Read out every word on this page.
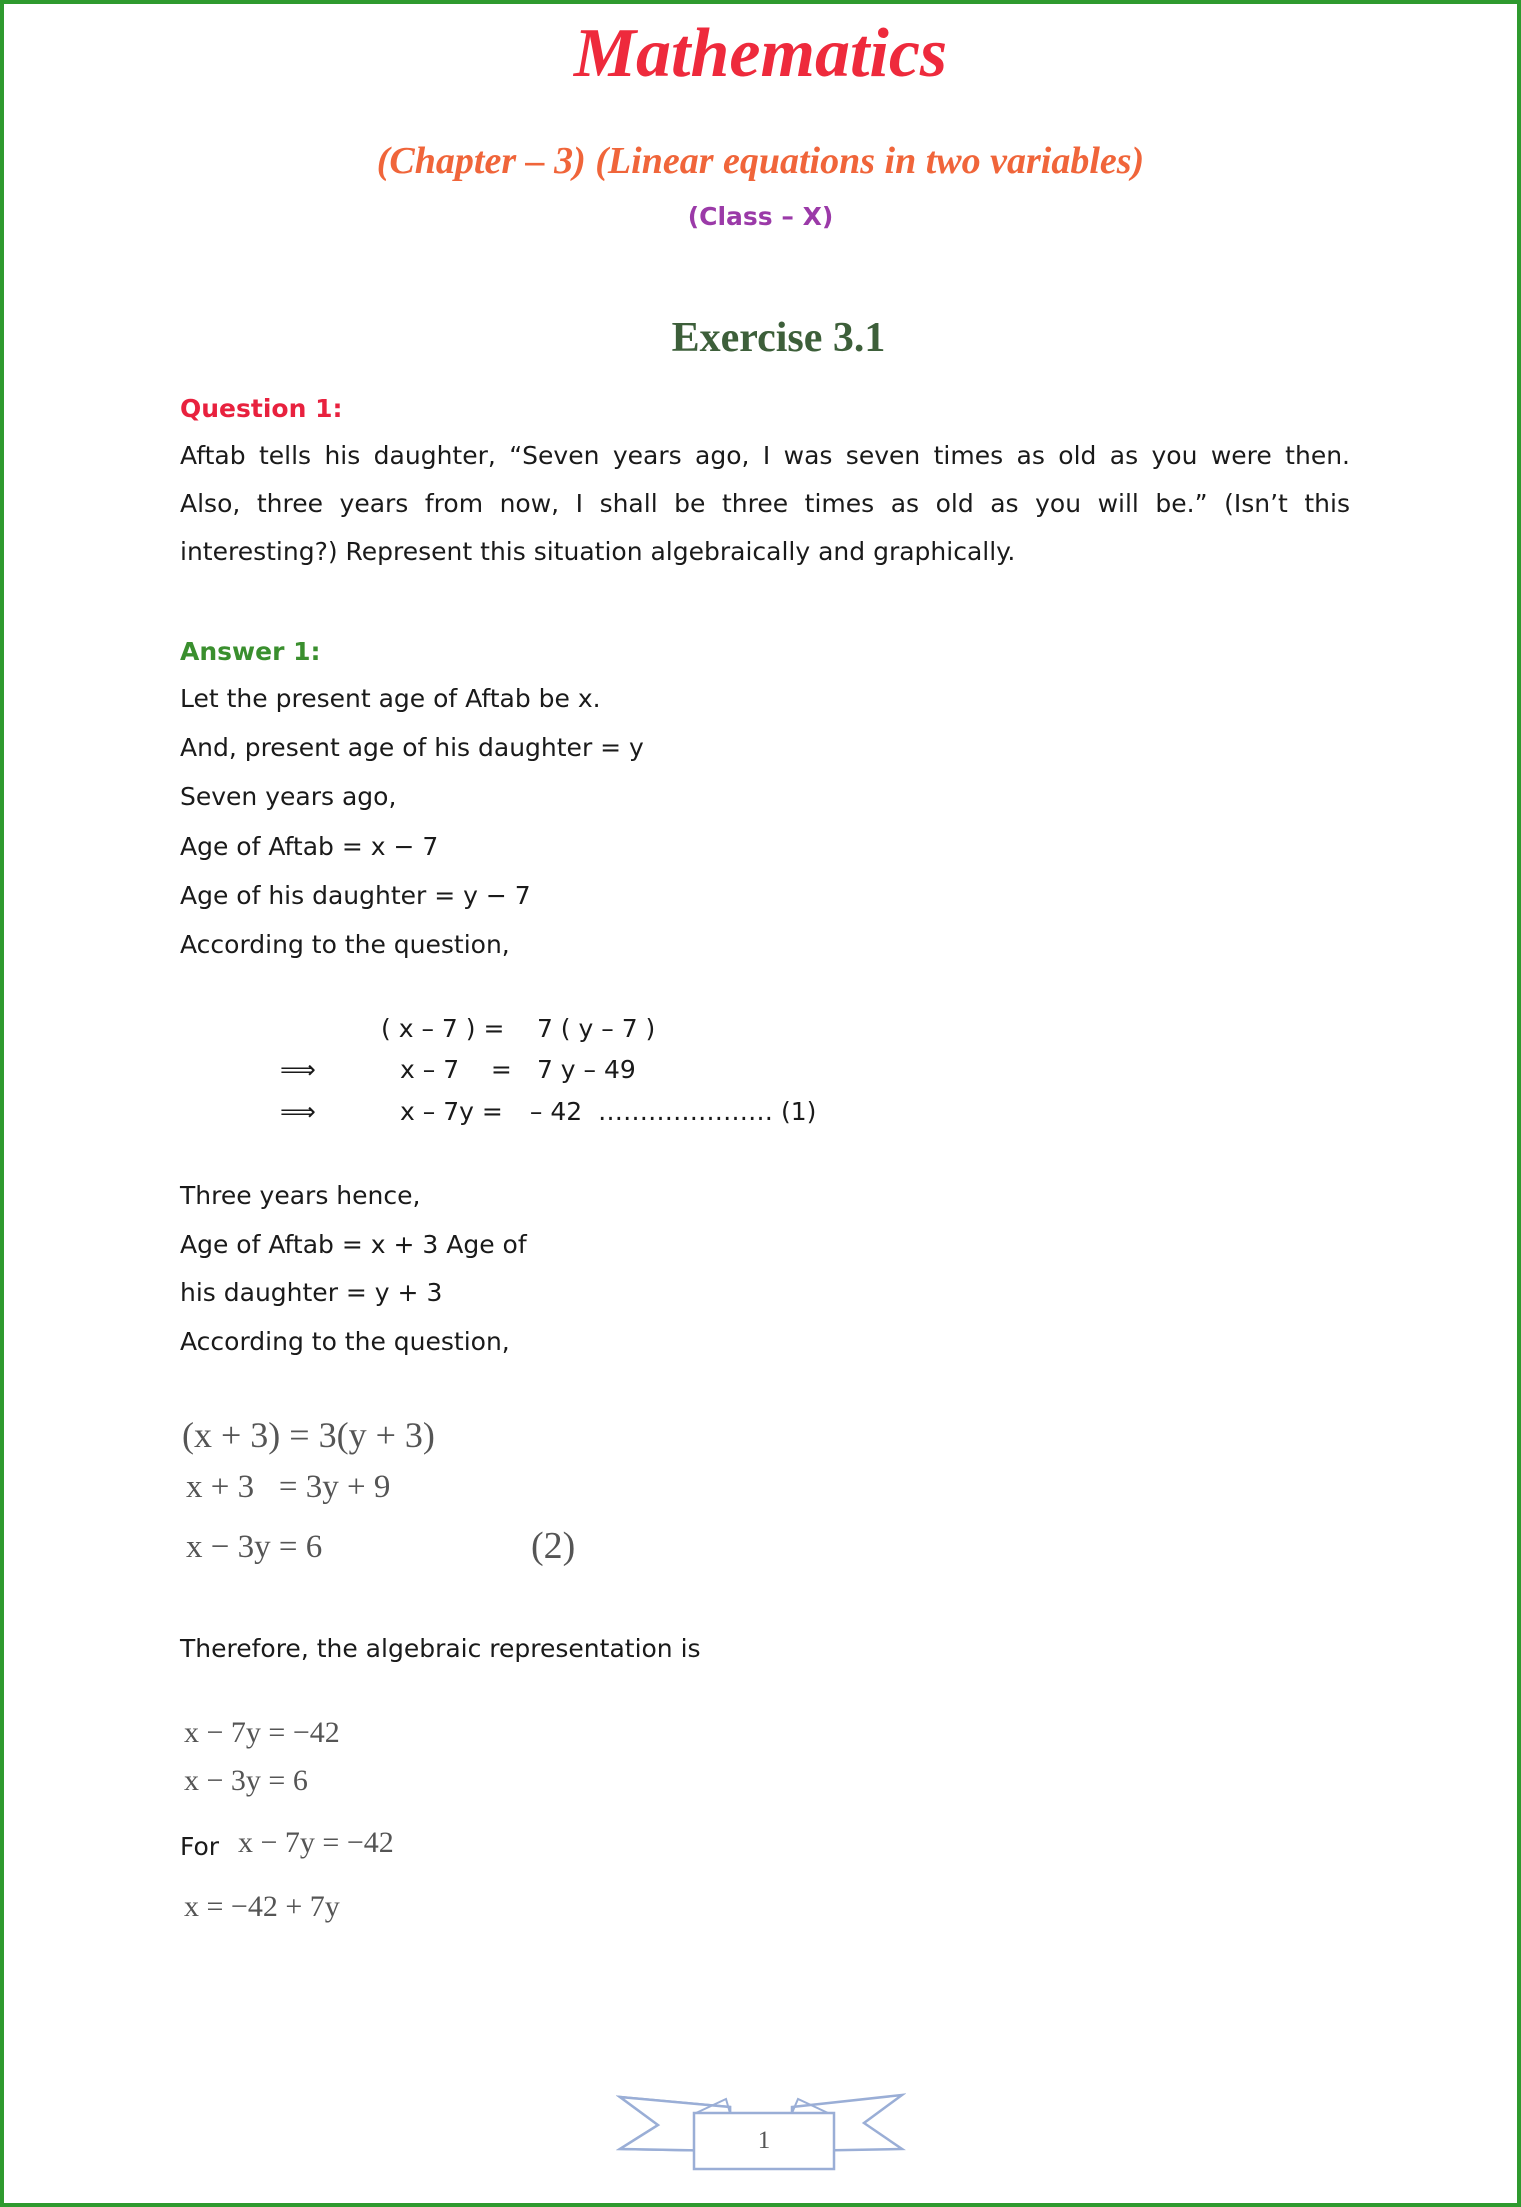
Mathematics
(Chapter – 3) (Linear equations in two variables)
(Class – X)
Exercise 3.1
Question 1:
Aftab tells his daughter, “Seven years ago, I was seven times as old as you were then.
Also, three years from now, I shall be three times as old as you will be.” (Isn’t this
interesting?) Represent this situation algebraically and graphically.
Answer 1:
Let the present age of Aftab be x.
And, present age of his daughter = y
Seven years ago,
Age of Aftab = x − 7
Age of his daughter = y − 7
According to the question,
( x – 7 ) = 7 ( y – 7 )
⟹	x – 7    = 7 y – 49
⟹	x – 7y = – 42  ………………… (1)
Three years hence,
Age of Aftab = x + 3 Age of
his daughter = y + 3
According to the question,
(x + 3) = 3(y + 3)
x + 3   = 3y + 9
x − 3y = 6	(2)
Therefore, the algebraic representation is
x − 7y = −42
x − 3y = 6
For x − 7y = −42
x = −42 + 7y
1
